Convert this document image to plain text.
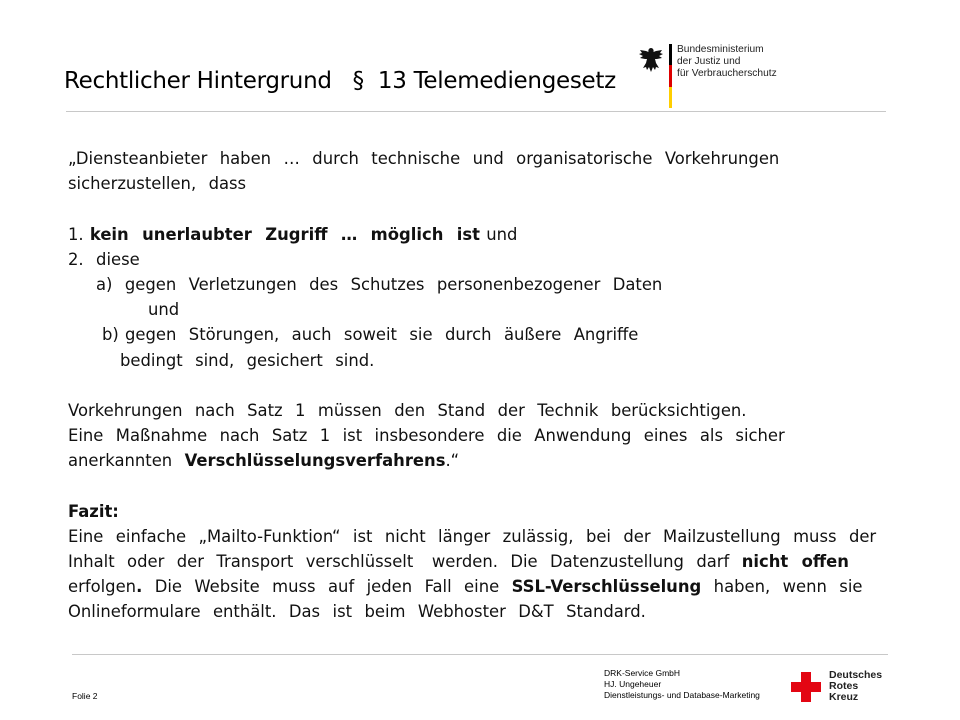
Rechtlicher Hintergrund   §  13 Telemediengesetz
Bundesministerium
der Justiz und
für Verbraucherschutz
„Diensteanbieter  haben  …  durch  technische  und  organisatorische  Vorkehrungen
sicherzustellen,  dass
1. kein  unerlaubter  Zugriff  …  möglich  ist und
2.  diese
a)  gegen  Verletzungen  des  Schutzes  personenbezogener  Daten
und
b) gegen  Störungen,  auch  soweit  sie  durch  äußere  Angriffe
bedingt  sind,  gesichert  sind.
Vorkehrungen  nach  Satz  1  müssen  den  Stand  der  Technik  berücksichtigen.
Eine  Maßnahme  nach  Satz  1  ist  insbesondere  die  Anwendung  eines  als  sicher
anerkannten  Verschlüsselungsverfahrens.“
Fazit:
Eine  einfache  „Mailto-Funktion“  ist  nicht  länger  zulässig,  bei  der  Mailzustellung  muss  der
Inhalt  oder  der  Transport  verschlüsselt   werden.  Die  Datenzustellung  darf  nicht  offen
erfolgen.  Die  Website  muss  auf  jeden  Fall  eine  SSL-Verschlüsselung  haben,  wenn  sie
Onlineformulare  enthält.  Das  ist  beim  Webhoster  D&T  Standard.
Folie 2
DRK-Service GmbH
HJ. Ungeheuer
Dienstleistungs- und Database-Marketing
Deutsches
Rotes
Kreuz
